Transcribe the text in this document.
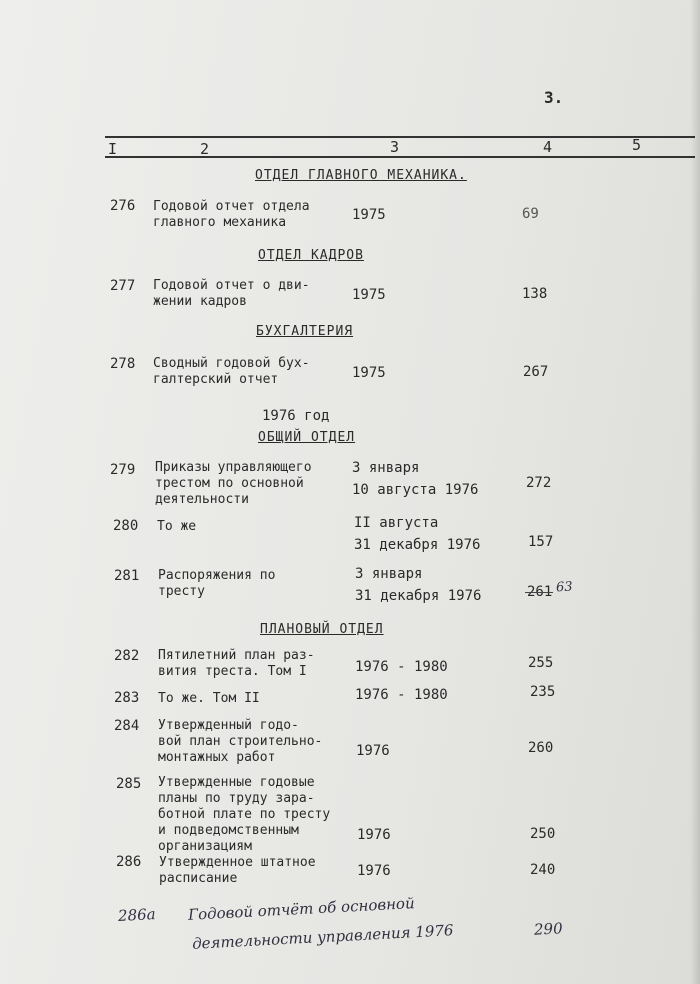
3.
I	2	3	4	5
ОТДЕЛ ГЛАВНОГО МЕХАНИКА.
276 Годовой отчет отдела
главного механика	1975	69
ОТДЕЛ КАДРОВ
277 Годовой отчет о дви-
жении кадров	1975	138
БУХГАЛТЕРИЯ
278 Сводный годовой бух-
галтерский отчет	1975	267
1976 год
ОБЩИЙ ОТДЕЛ
279 Приказы управляющего
трестом по основной
деятельности
3 января
10 августа 1976	272
280 То же	II августа
31 декабря 1976	157
281 Распоряжения по
тресту
3 января
31 декабря 1976	261 63
ПЛАНОВЫЙ ОТДЕЛ
282 Пятилетний план раз-
вития треста. Том I	1976 - 1980	255
283 То же. Том II	1976 - 1980	235
284 Утвержденный годо-
вой план строительно-
монтажных работ	1976	260
285 Утвержденные годовые
планы по труду зара-
ботной плате по тресту
и подведомственным
организациям
1976	250
286 Утвержденное штатное
расписание	1976	240
286а Годовой отчёт об основной
деятельности управления 1976	290
